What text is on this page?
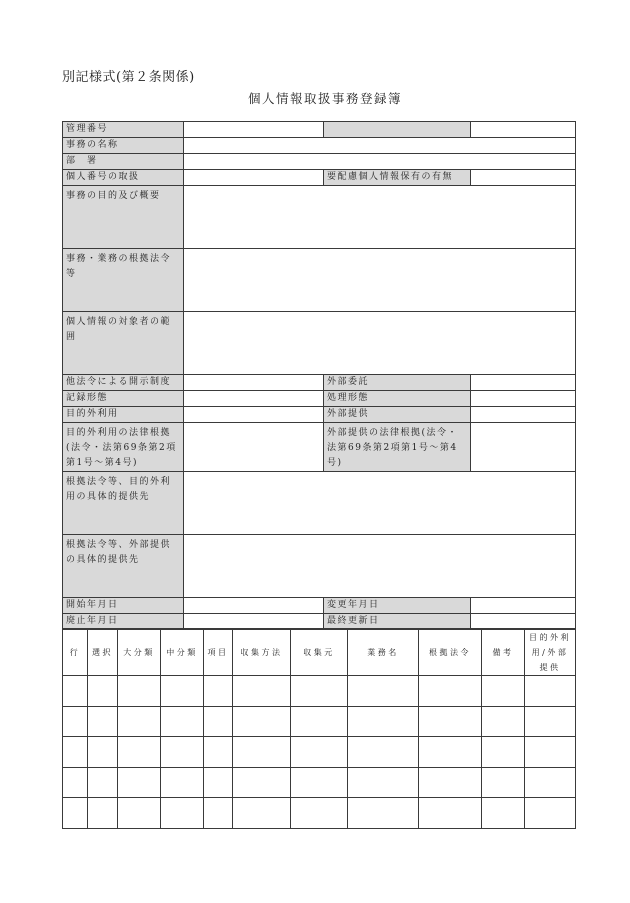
別記様式(第２条関係)
個人情報取扱事務登録簿
管理番号			
事務の名称			
部　署			
個人番号の取扱		要配慮個人情報保有の有無	
事務の目的及び概要			
事務・業務の根拠法令等			
個人情報の対象者の範囲			
他法令による開示制度		外部委託	
記録形態		処理形態	
目的外利用		外部提供	
目的外利用の法律根拠(法令・法第69条第2項第1号～第4号)		外部提供の法律根拠(法令・法第69条第2項第1号～第4号)	
根拠法令等、目的外利用の具体的提供先			
根拠法令等、外部提供の具体的提供先			
開始年月日		変更年月日	
廃止年月日		最終更新日	
行	選択	大分類	中分類	項目	収集方法	収集元	業務名	根拠法令	備考	目的外利用/外部提供
